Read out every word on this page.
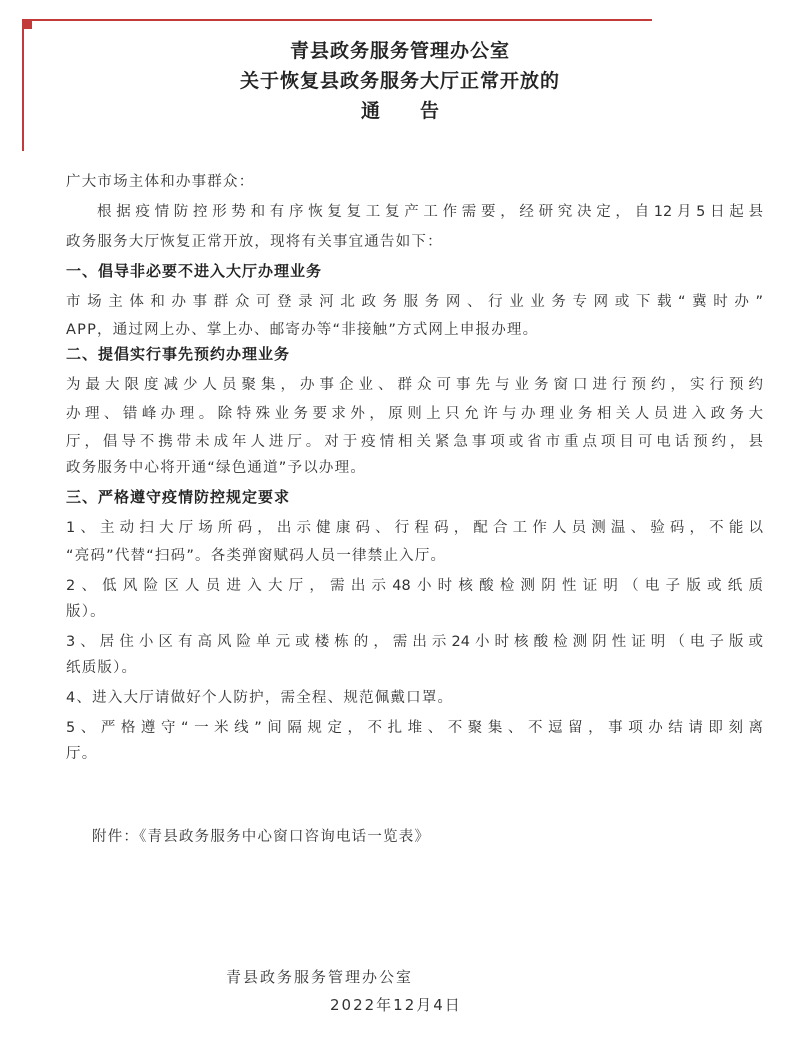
青县政务服务管理办公室
关于恢复县政务服务大厅正常开放的
通告
广大市场主体和办事群众：
根据疫情防控形势和有序恢复复工复产工作需要，经研究决定，自12月5日起县
政务服务大厅恢复正常开放，现将有关事宜通告如下：
一、倡导非必要不进入大厅办理业务
市场主体和办事群众可登录河北政务服务网、行业业务专网或下载“冀时办”
APP，通过网上办、掌上办、邮寄办等“非接触”方式网上申报办理。
二、提倡实行事先预约办理业务
为最大限度减少人员聚集，办事企业、群众可事先与业务窗口进行预约，实行预约
办理、错峰办理。除特殊业务要求外，原则上只允许与办理业务相关人员进入政务大
厅，倡导不携带未成年人进厅。对于疫情相关紧急事项或省市重点项目可电话预约，县
政务服务中心将开通“绿色通道”予以办理。
三、严格遵守疫情防控规定要求
1、主动扫大厅场所码，出示健康码、行程码，配合工作人员测温、验码，不能以
“亮码”代替“扫码”。各类弹窗赋码人员一律禁止入厅。
2、低风险区人员进入大厅，需出示48小时核酸检测阴性证明（电子版或纸质
版）。
3、居住小区有高风险单元或楼栋的，需出示24小时核酸检测阴性证明（电子版或
纸质版）。
4、进入大厅请做好个人防护，需全程、规范佩戴口罩。
5、严格遵守“一米线”间隔规定，不扎堆、不聚集、不逗留，事项办结请即刻离
厅。
附件：《青县政务服务中心窗口咨询电话一览表》
青县政务服务管理办公室
2022年12月4日
